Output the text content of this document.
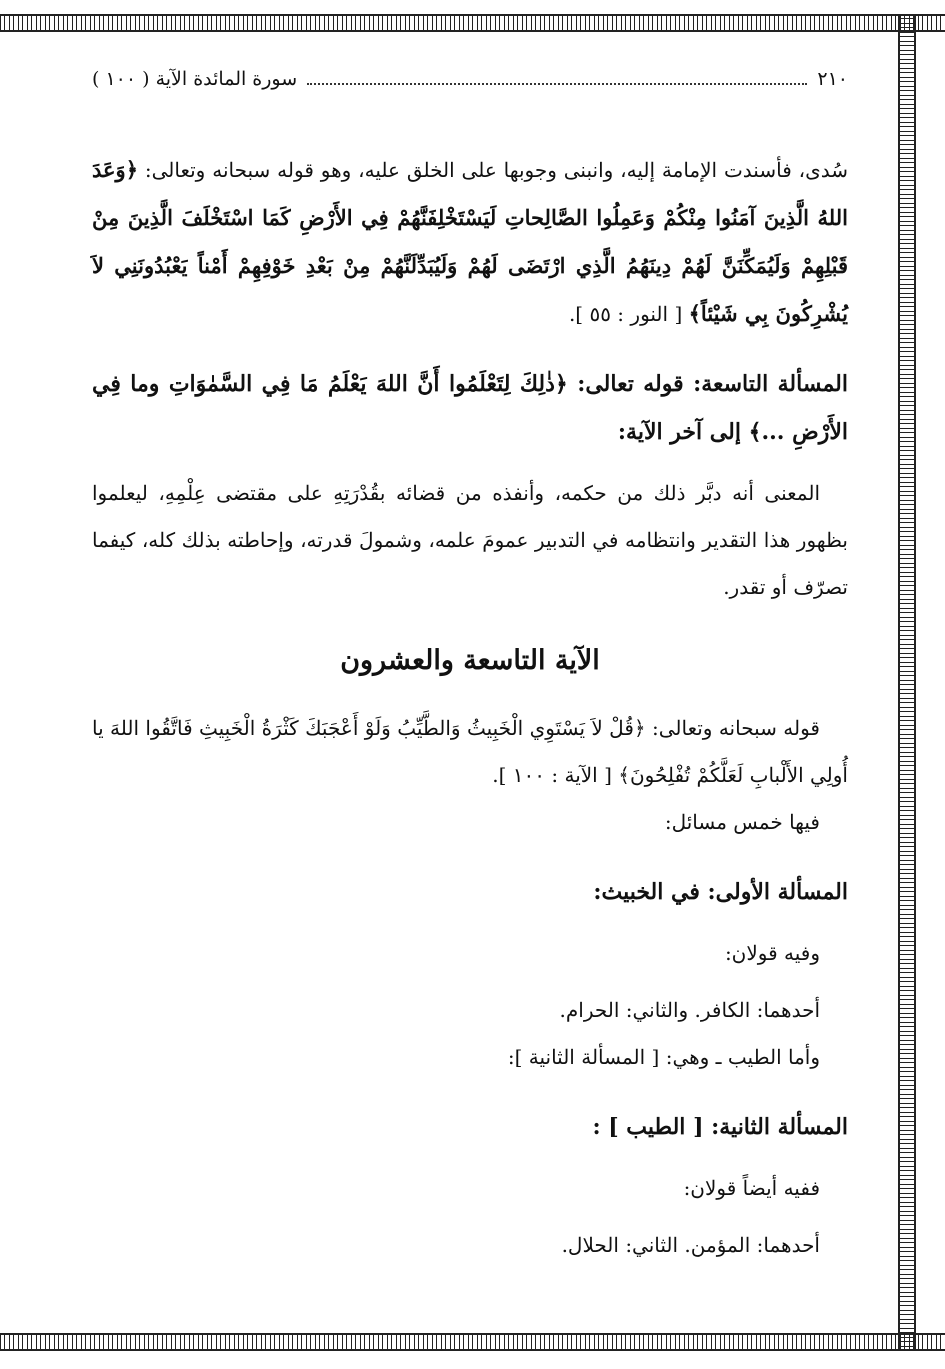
٢١٠
سورة المائدة الآية ( ١٠٠ )

سُدى، فأسندت الإمامة إليه، وانبنى وجوبها على الخلق عليه، وهو قوله سبحانه وتعالى: ﴿وَعَدَ اللهُ الَّذِينَ آمَنُوا مِنْكُمْ وَعَمِلُوا الصَّالِحاتِ لَيَسْتَخْلِفَنَّهُمْ فِي الأَرْضِ كَمَا اسْتَخْلَفَ الَّذِينَ مِنْ قَبْلِهِمْ وَلَيُمَكِّنَنَّ لَهُمْ دِينَهُمُ الَّذِي ارْتَضَى لَهُمْ وَلَيُبَدِّلَنَّهُمْ مِنْ بَعْدِ خَوْفِهِمْ أَمْناً يَعْبُدُونَنِي لاَ يُشْرِكُونَ بِي شَيْئاً﴾ [ النور : ٥٥ ].

المسألة التاسعة: قوله تعالى: ﴿ذٰلِكَ لِتَعْلَمُوا أَنَّ اللهَ يَعْلَمُ مَا فِي السَّمٰوَاتِ وما فِي الأَرْضِ ...﴾ إلى آخر الآية:

المعنى أنه دبَّر ذلك من حكمه، وأنفذه من قضائه بقُدْرَتِهِ على مقتضى عِلْمِهِ، ليعلموا بظهور هذا التقدير وانتظامه في التدبير عمومَ علمه، وشمولَ قدرته، وإحاطته بذلك كله، كيفما تصرّف أو تقدر.

الآية التاسعة والعشرون

قوله سبحانه وتعالى: ﴿قُلْ لاَ يَسْتَوِي الْخَبِيثُ وَالطَّيِّبُ وَلَوْ أَعْجَبَكَ كَثْرَةُ الْخَبِيثِ فَاتَّقُوا اللهَ يا أُولِي الأَلْبابِ لَعَلَّكُمْ تُفْلِحُونَ﴾ [ الآية : ١٠٠ ].

فيها خمس مسائل:

المسألة الأولى: في الخبيث:

وفيه قولان:

أحدهما: الكافر. والثاني: الحرام.

وأما الطيب ـ وهي: [ المسألة الثانية ]:

المسألة الثانية: [ الطيب ] :

ففيه أيضاً قولان:

أحدهما: المؤمن. الثاني: الحلال.
